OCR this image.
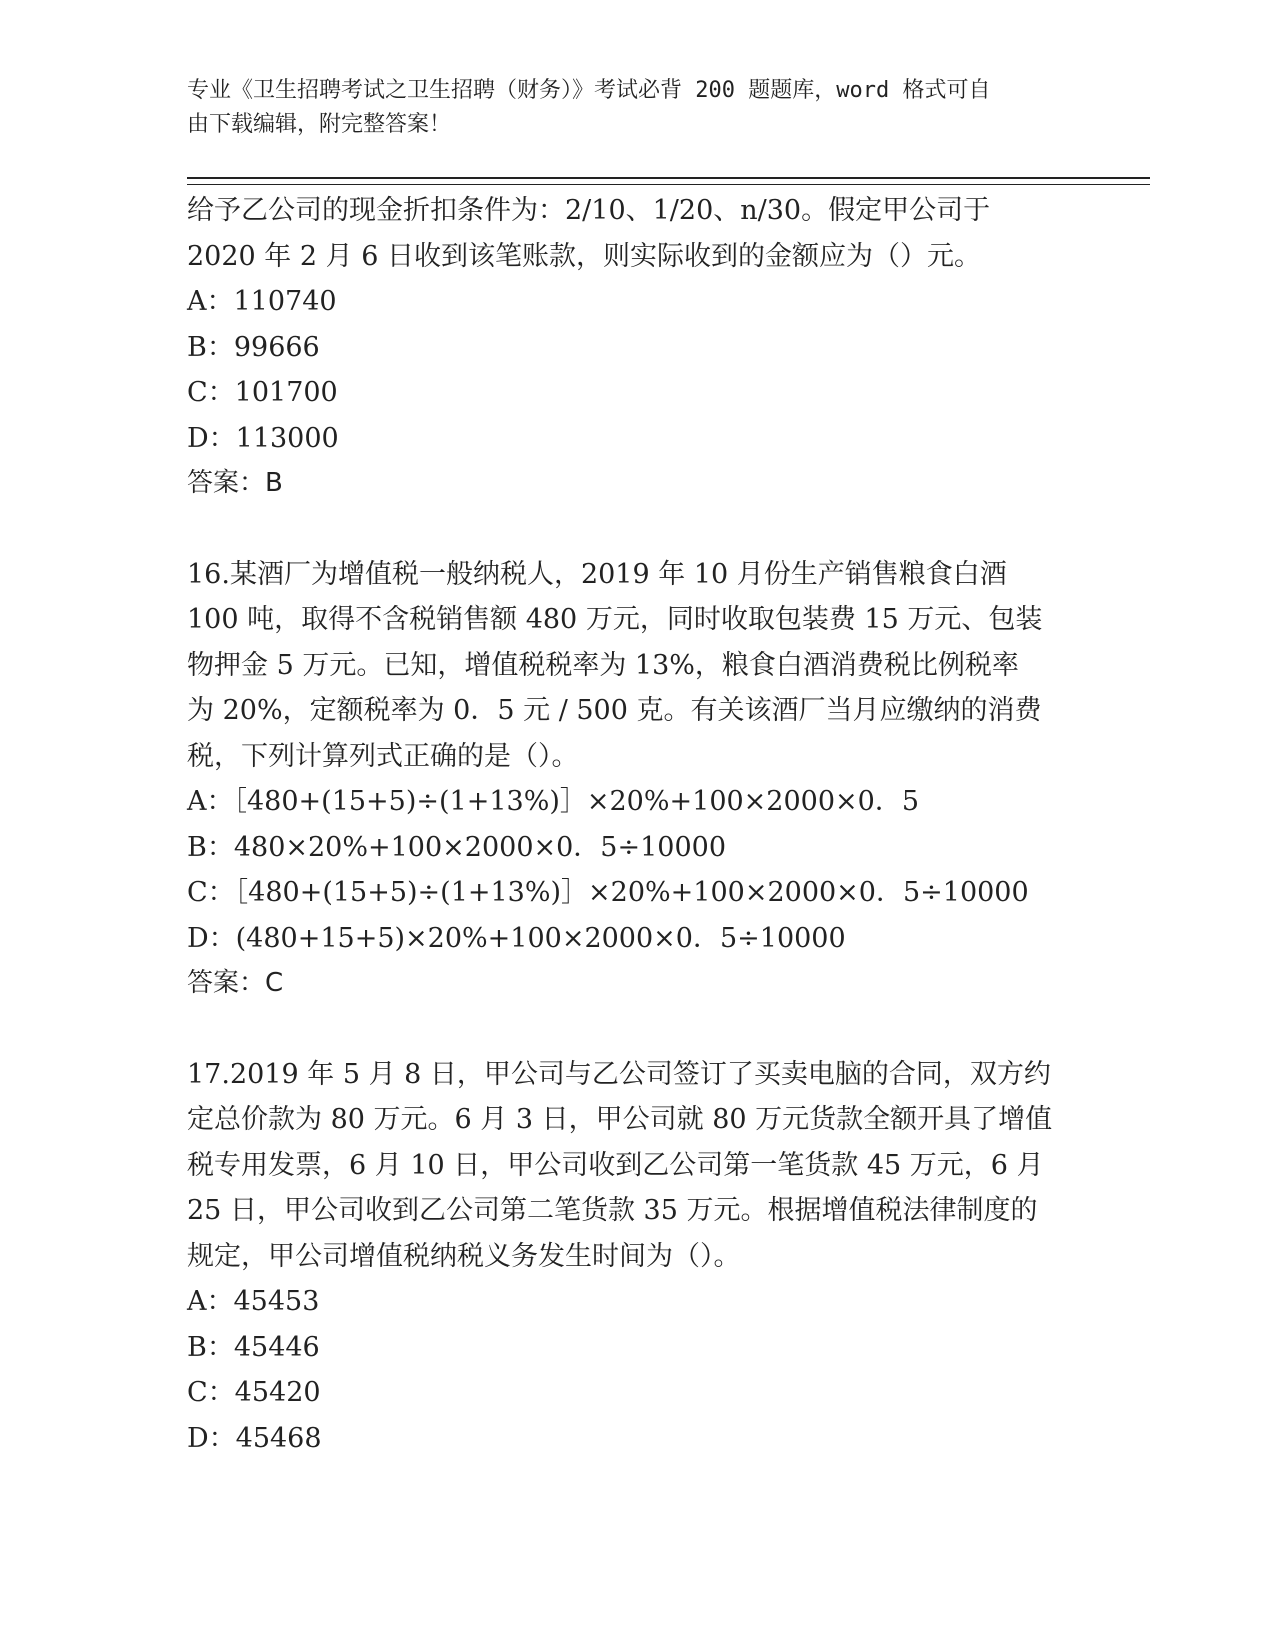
专业《卫生招聘考试之卫生招聘（财务）》考试必背 200 题题库，word 格式可自
由下载编辑，附完整答案！
给予乙公司的现金折扣条件为：2/10、1/20、n/30。假定甲公司于
2020 年 2 月 6 日收到该笔账款，则实际收到的金额应为（）元。
A：110740
B：99666
C：101700
D：113000
答案：B
16.某酒厂为增值税一般纳税人，2019 年 10 月份生产销售粮食白酒
100 吨，取得不含税销售额 480 万元，同时收取包装费 15 万元、包装
物押金 5 万元。已知，增值税税率为 13%，粮食白酒消费税比例税率
为 20%，定额税率为 0．5 元 / 500 克。有关该酒厂当月应缴纳的消费
税，下列计算列式正确的是（）。
A：［480+(15+5)÷(1+13%)］×20%+100×2000×0．5
B：480×20%+100×2000×0．5÷10000
C：［480+(15+5)÷(1+13%)］×20%+100×2000×0．5÷10000
D：(480+15+5)×20%+100×2000×0．5÷10000
答案：C
17.2019 年 5 月 8 日，甲公司与乙公司签订了买卖电脑的合同，双方约
定总价款为 80 万元。6 月 3 日，甲公司就 80 万元货款全额开具了增值
税专用发票，6 月 10 日，甲公司收到乙公司第一笔货款 45 万元，6 月
25 日，甲公司收到乙公司第二笔货款 35 万元。根据增值税法律制度的
规定，甲公司增值税纳税义务发生时间为（）。
A：45453
B：45446
C：45420
D：45468
